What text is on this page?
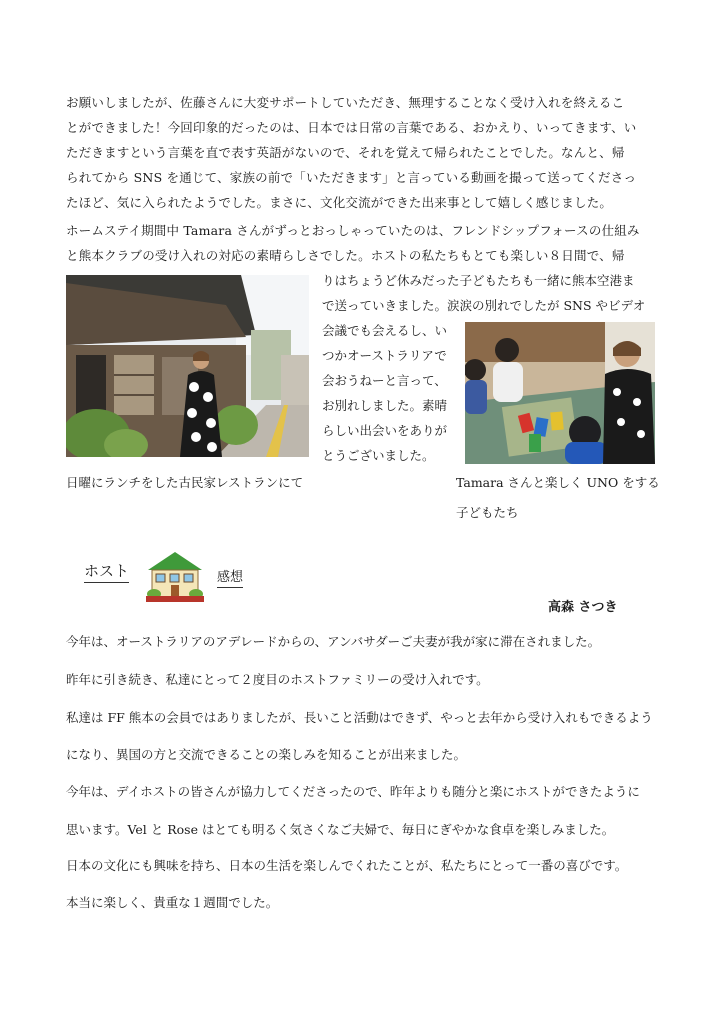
お願いしましたが、佐藤さんに大変サポートしていただき、無理することなく受け入れを終えるこ

とができました！今回印象的だったのは、日本では日常の言葉である、おかえり、いってきます、い

ただきますという言葉を直で表す英語がないので、それを覚えて帰られたことでした。なんと、帰

られてから SNS を通じて、家族の前で「いただきます」と言っている動画を撮って送ってくださっ

たほど、気に入られたようでした。まさに、文化交流ができた出来事として嬉しく感じました。

ホームステイ期間中 Tamara さんがずっとおっしゃっていたのは、フレンドシップフォースの仕組み

と熊本クラブの受け入れの対応の素晴らしさでした。ホストの私たちもとても楽しい８日間で、帰

りはちょうど休みだった子どもたちも一緒に熊本空港ま

で送っていきました。涙涙の別れでしたが SNS やビデオ

会議でも会えるし、い

つかオーストラリアで

会おうねーと言って、

お別れしました。素晴

らしい出会いをありが

とうございました。

日曜にランチをした古民家レストランにて	Tamara さんと楽しく UNO をする

子どもたち

ホスト	感想
高森 さつき

今年は、オーストラリアのアデレードからの、アンバサダーご夫妻が我が家に滞在されました。

昨年に引き続き、私達にとって２度目のホストファミリーの受け入れです。

私達は FF 熊本の会員ではありましたが、長いこと活動はできず、やっと去年から受け入れもできるよう

になり、異国の方と交流できることの楽しみを知ることが出来ました。

今年は、デイホストの皆さんが協力してくださったので、昨年よりも随分と楽にホストができたように

思います。Vel と Rose はとても明るく気さくなご夫婦で、毎日にぎやかな食卓を楽しみました。

日本の文化にも興味を持ち、日本の生活を楽しんでくれたことが、私たちにとって一番の喜びです。

本当に楽しく、貴重な１週間でした。
